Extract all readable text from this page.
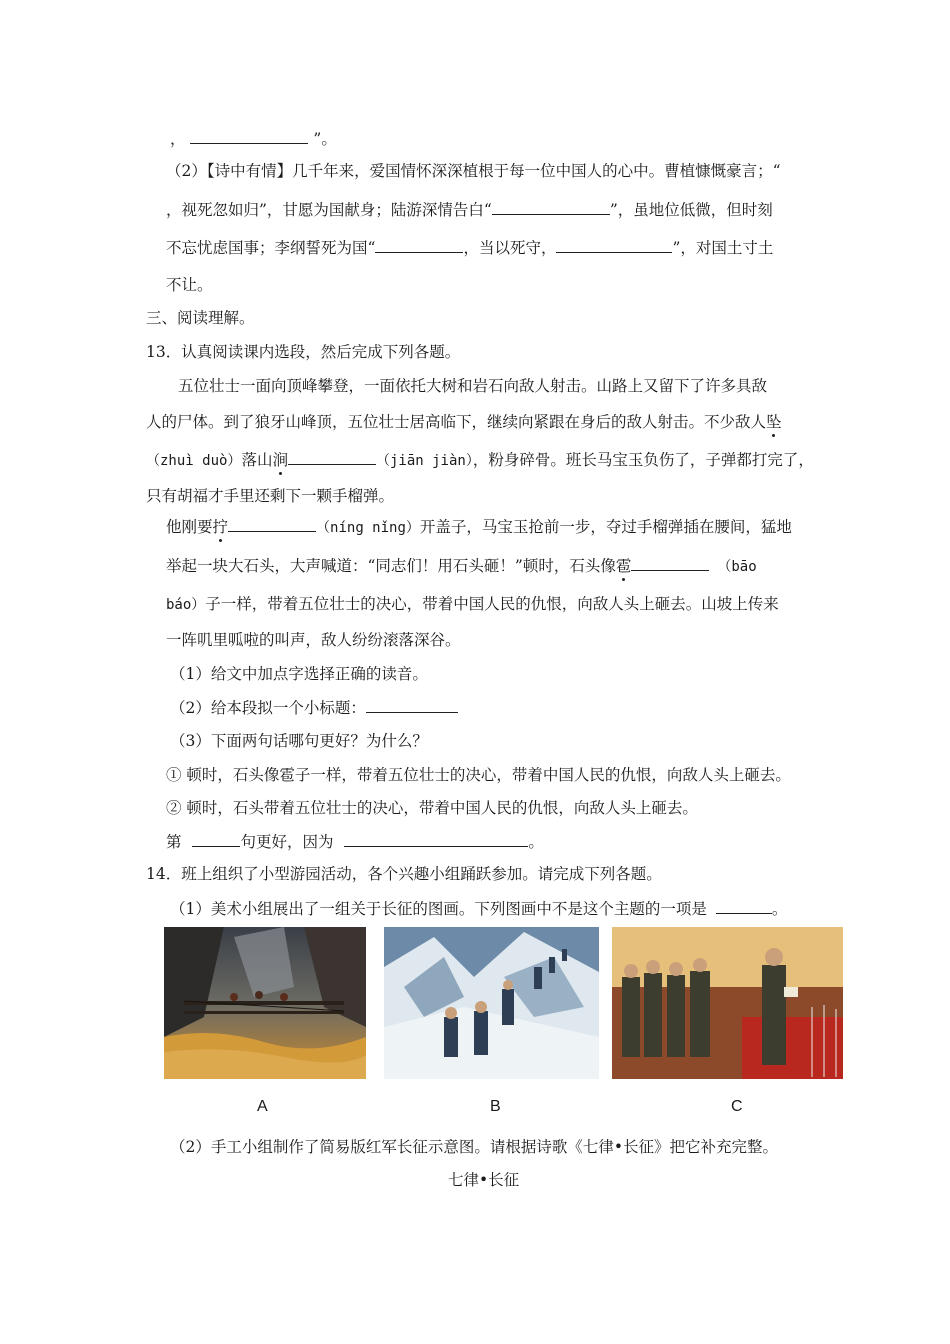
，	”。
（2）【诗中有情】几千年来，爱国情怀深深植根于每一位中国人的心中。曹植慷慨豪言；“
，视死忽如归”，甘愿为国献身；陆游深情告白“	”，虽地位低微，但时刻
不忘忧虑国事；李纲誓死为国“	，当以死守，	”，对国土寸土
不让。
三、阅读理解。
13．认真阅读课内选段，然后完成下列各题。
五位壮士一面向顶峰攀登，一面依托大树和岩石向敌人射击。山路上又留下了许多具敌
人的尸体。到了狼牙山峰顶，五位壮士居高临下，继续向紧跟在身后的敌人射击。不少敌人坠
（zhuì duò）落山涧	（jiān jiàn），粉身碎骨。班长马宝玉负伤了，子弹都打完了，
只有胡福才手里还剩下一颗手榴弹。
他刚要拧	（níng nǐng）开盖子，马宝玉抢前一步，夺过手榴弹插在腰间，猛地
举起一块大石头，大声喊道：“同志们！用石头砸！”顿时，石头像雹	（bāo
báo）子一样，带着五位壮士的决心，带着中国人民的仇恨，向敌人头上砸去。山坡上传来
一阵叽里呱啦的叫声，敌人纷纷滚落深谷。
（1）给文中加点字选择正确的读音。
（2）给本段拟一个小标题：
（3）下面两句话哪句更好？为什么？
① 顿时，石头像雹子一样，带着五位壮士的决心，带着中国人民的仇恨，向敌人头上砸去。
② 顿时，石头带着五位壮士的决心，带着中国人民的仇恨，向敌人头上砸去。
第	句更好，因为	。
14．班上组织了小型游园活动，各个兴趣小组踊跃参加。请完成下列各题。
（1）美术小组展出了一组关于长征的图画。下列图画中不是这个主题的一项是	。
A	B	C
（2）手工小组制作了简易版红军长征示意图。请根据诗歌《七律•长征》把它补充完整。
七律•长征
